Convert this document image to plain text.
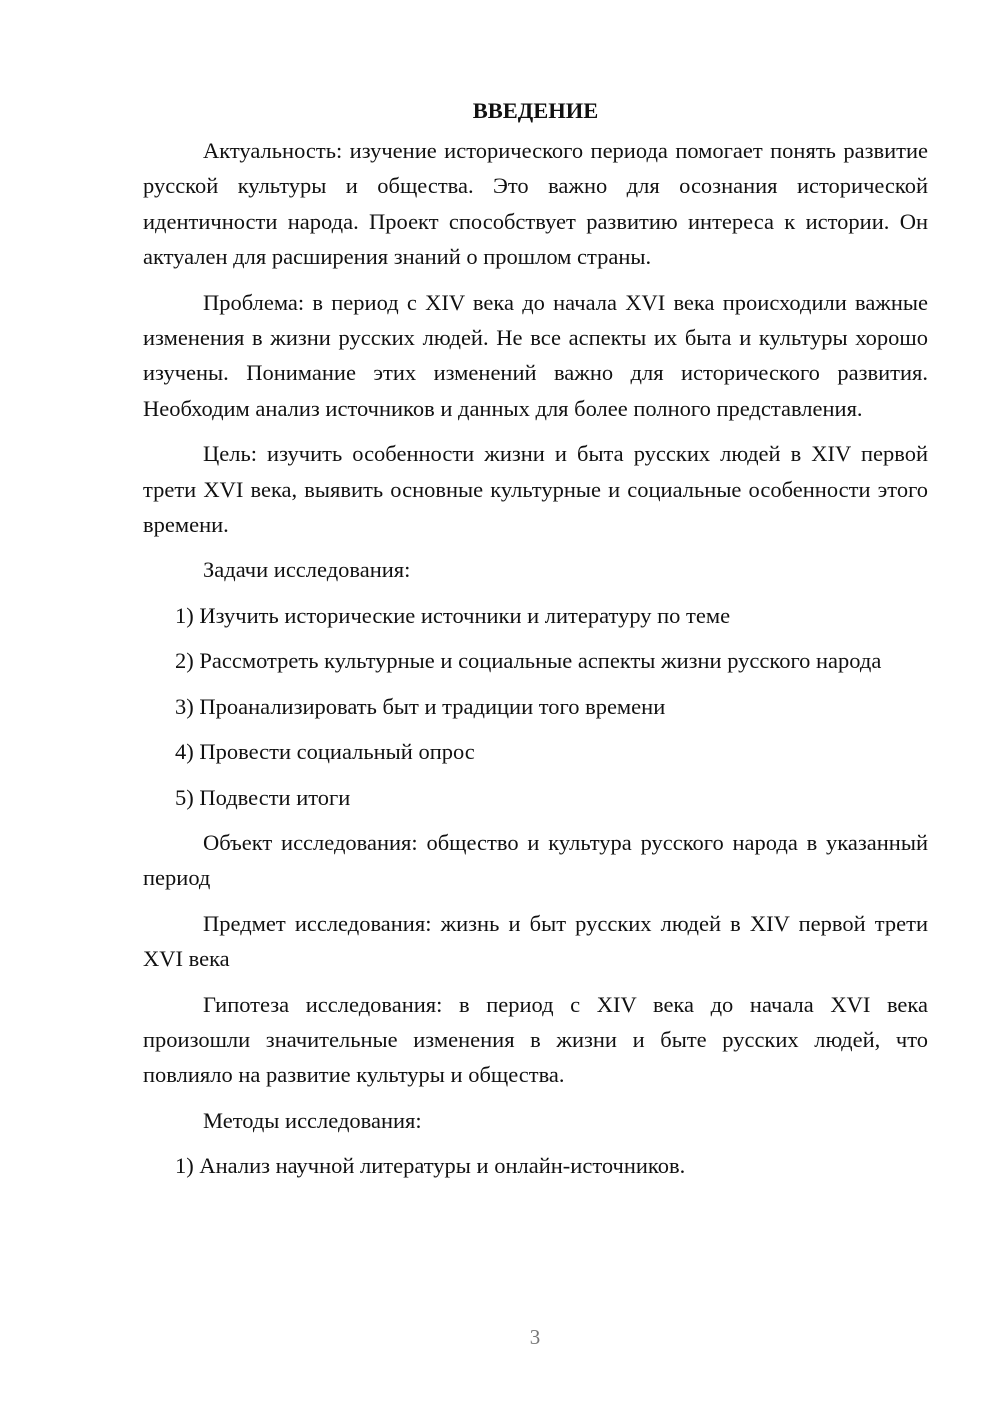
ВВЕДЕНИЕ

Актуальность: изучение исторического периода помогает понять развитие русской культуры и общества. Это важно для осознания исторической идентичности народа. Проект способствует развитию интереса к истории. Он актуален для расширения знаний о прошлом страны.

Проблема: в период с XIV века до начала XVI века происходили важные изменения в жизни русских людей. Не все аспекты их быта и культуры хорошо изучены. Понимание этих изменений важно для исторического развития. Необходим анализ источников и данных для более полного представления.

Цель: изучить особенности жизни и быта русских людей в XIV первой трети XVI века, выявить основные культурные и социальные особенности этого времени.

Задачи исследования:

1) Изучить исторические источники и литературу по теме

2) Рассмотреть культурные и социальные аспекты жизни русского народа

3) Проанализировать быт и традиции того времени

4) Провести социальный опрос

5) Подвести итоги

Объект исследования: общество и культура русского народа в указанный период

Предмет исследования: жизнь и быт русских людей в XIV первой трети XVI века

Гипотеза исследования: в период с XIV века до начала XVI века произошли значительные изменения в жизни и быте русских людей, что повлияло на развитие культуры и общества.

Методы исследования:

1) Анализ научной литературы и онлайн-источников.

3
